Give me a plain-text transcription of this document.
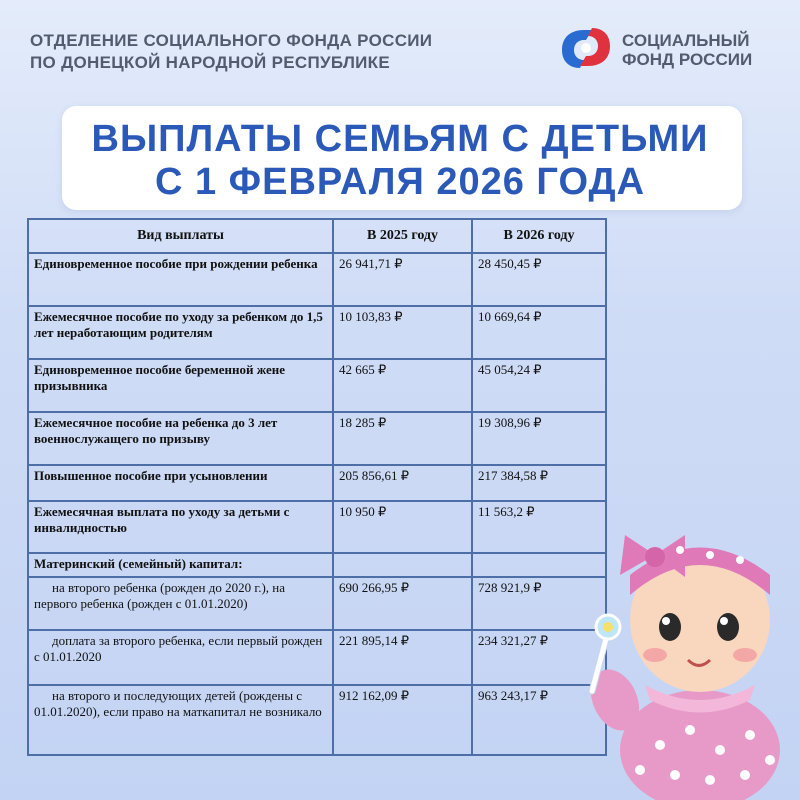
ОТДЕЛЕНИЕ СОЦИАЛЬНОГО ФОНДА РОССИИ
ПО ДОНЕЦКОЙ НАРОДНОЙ РЕСПУБЛИКЕ
СОЦИАЛЬНЫЙ
ФОНД РОССИИ
ВЫПЛАТЫ СЕМЬЯМ С ДЕТЬМИ
С 1 ФЕВРАЛЯ 2026 ГОДА
Вид выплаты	В 2025 году	В 2026 году
Единовременное пособие при рождении ребенка	26 941,71 ₽	28 450,45 ₽
Ежемесячное пособие по уходу за ребенком до 1,5 лет неработающим родителям	10 103,83 ₽	10 669,64 ₽
Единовременное пособие беременной жене призывника	42 665 ₽	45 054,24 ₽
Ежемесячное пособие на ребенка до 3 лет военнослужащего по призыву	18 285 ₽	19 308,96 ₽
Повышенное пособие при усыновлении	205 856,61 ₽	217 384,58 ₽
Ежемесячная выплата по уходу за детьми с инвалидностью	10 950 ₽	11 563,2 ₽
Материнский (семейный) капитал:		
на второго ребенка (рожден до 2020 г.), на первого ребенка (рожден с 01.01.2020)	690 266,95 ₽	728 921,9 ₽
доплата за второго ребенка, если первый рожден с 01.01.2020	221 895,14 ₽	234 321,27 ₽
на второго и последующих детей (рождены с 01.01.2020), если право на маткапитал не возникало	912 162,09 ₽	963 243,17 ₽
